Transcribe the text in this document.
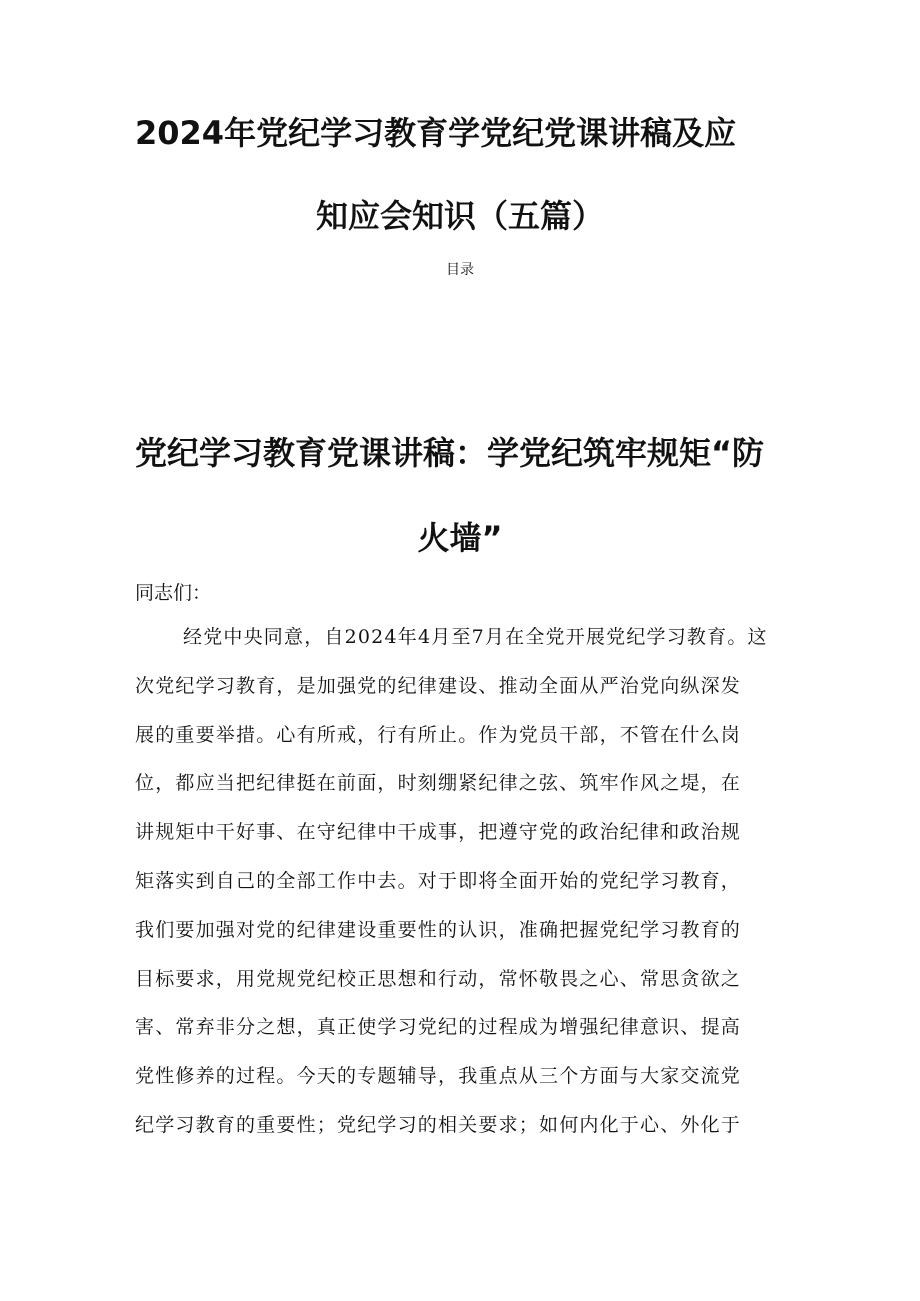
2024年党纪学习教育学党纪党课讲稿及应
知应会知识（五篇）

目录

党纪学习教育党课讲稿：学党纪筑牢规矩“防
火墙”

同志们：

经党中央同意，自2024年4月至7月在全党开展党纪学习教育。这
次党纪学习教育，是加强党的纪律建设、推动全面从严治党向纵深发
展的重要举措。心有所戒，行有所止。作为党员干部，不管在什么岗
位，都应当把纪律挺在前面，时刻绷紧纪律之弦、筑牢作风之堤，在
讲规矩中干好事、在守纪律中干成事，把遵守党的政治纪律和政治规
矩落实到自己的全部工作中去。对于即将全面开始的党纪学习教育，
我们要加强对党的纪律建设重要性的认识，准确把握党纪学习教育的
目标要求，用党规党纪校正思想和行动，常怀敬畏之心、常思贪欲之
害、常弃非分之想，真正使学习党纪的过程成为增强纪律意识、提高
党性修养的过程。今天的专题辅导，我重点从三个方面与大家交流党
纪学习教育的重要性；党纪学习的相关要求；如何内化于心、外化于
